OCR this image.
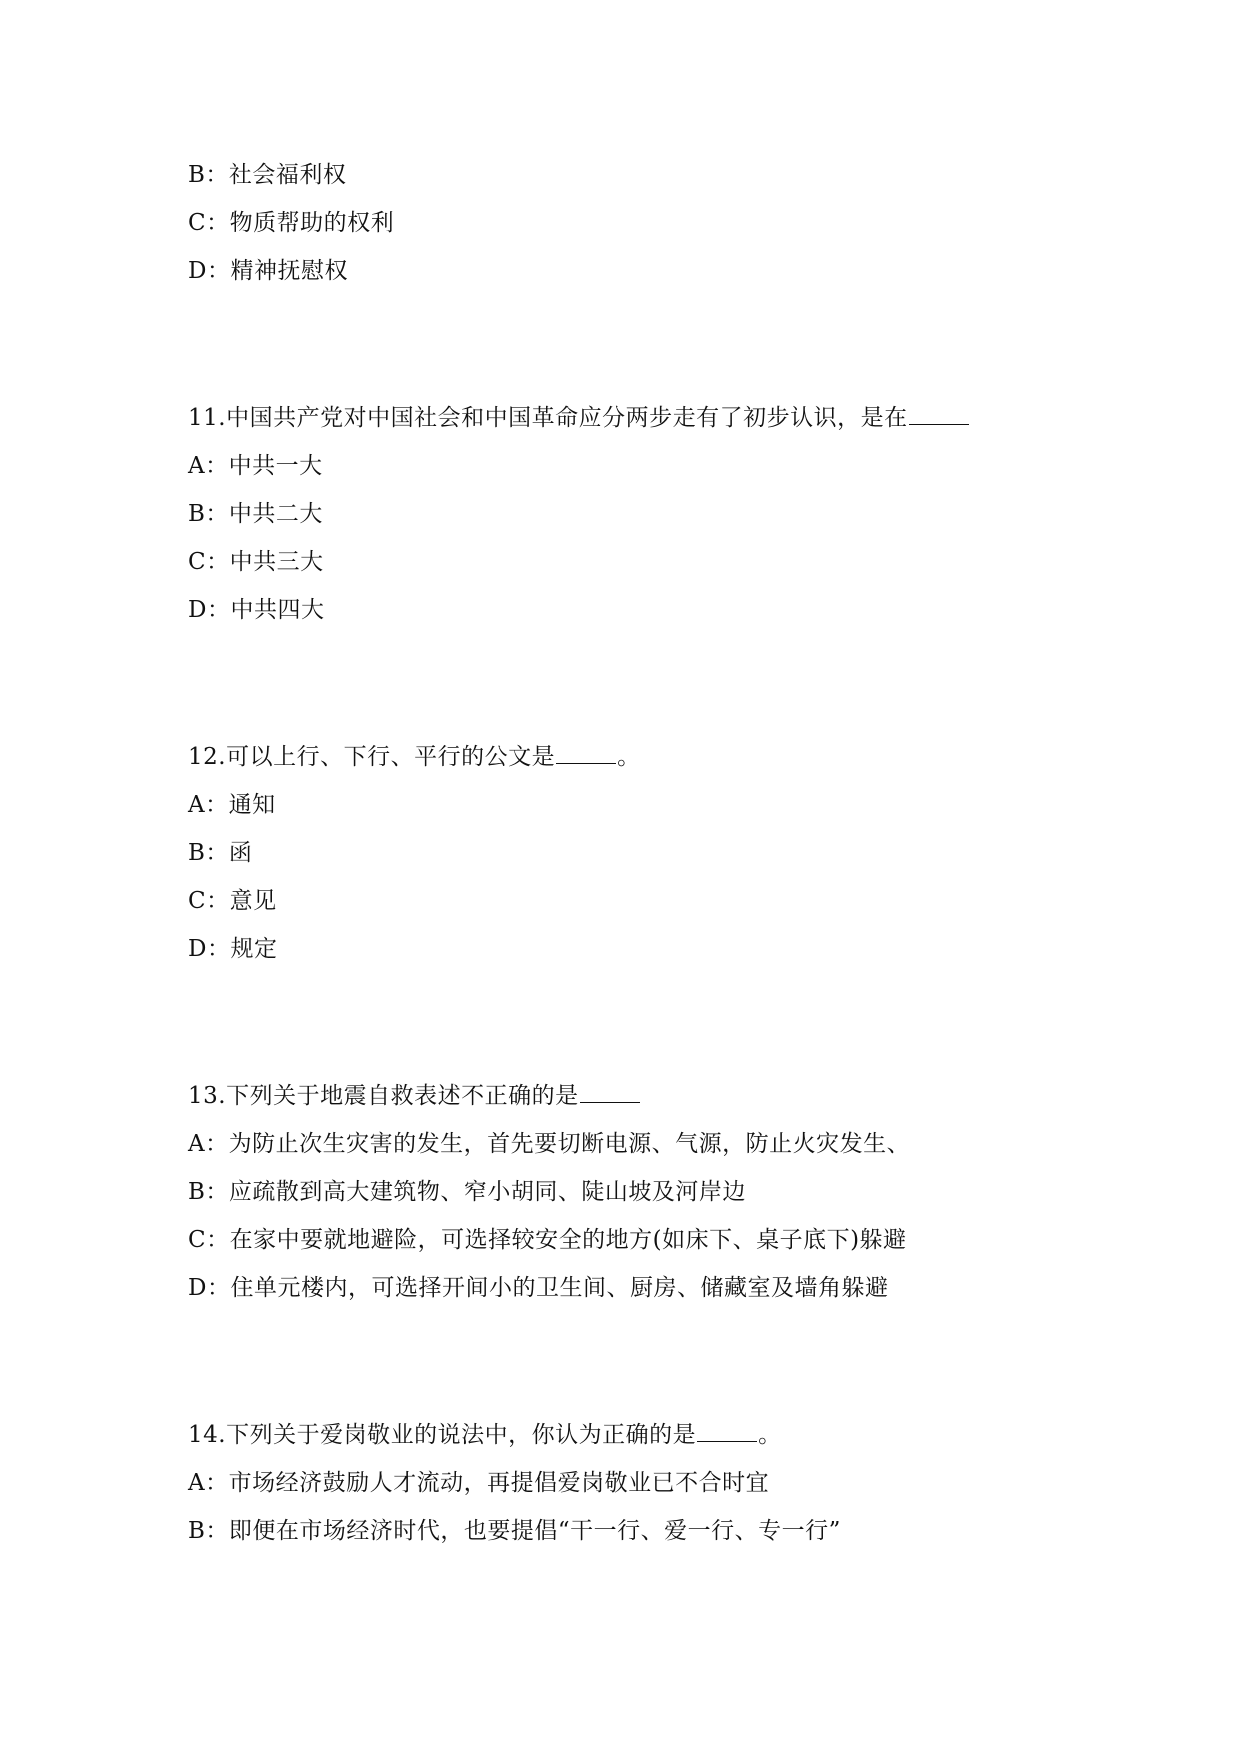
B：社会福利权
C：物质帮助的权利
D：精神抚慰权
11.中国共产党对中国社会和中国革命应分两步走有了初步认识，是在
A：中共一大
B：中共二大
C：中共三大
D：中共四大
12.可以上行、下行、平行的公文是	。
A：通知
B：函
C：意见
D：规定
13.下列关于地震自救表述不正确的是
A：为防止次生灾害的发生，首先要切断电源、气源，防止火灾发生、
B：应疏散到高大建筑物、窄小胡同、陡山坡及河岸边
C：在家中要就地避险，可选择较安全的地方(如床下、桌子底下)躲避
D：住单元楼内，可选择开间小的卫生间、厨房、储藏室及墙角躲避
14.下列关于爱岗敬业的说法中，你认为正确的是	。
A：市场经济鼓励人才流动，再提倡爱岗敬业已不合时宜
B：即便在市场经济时代，也要提倡“干一行、爱一行、专一行”
